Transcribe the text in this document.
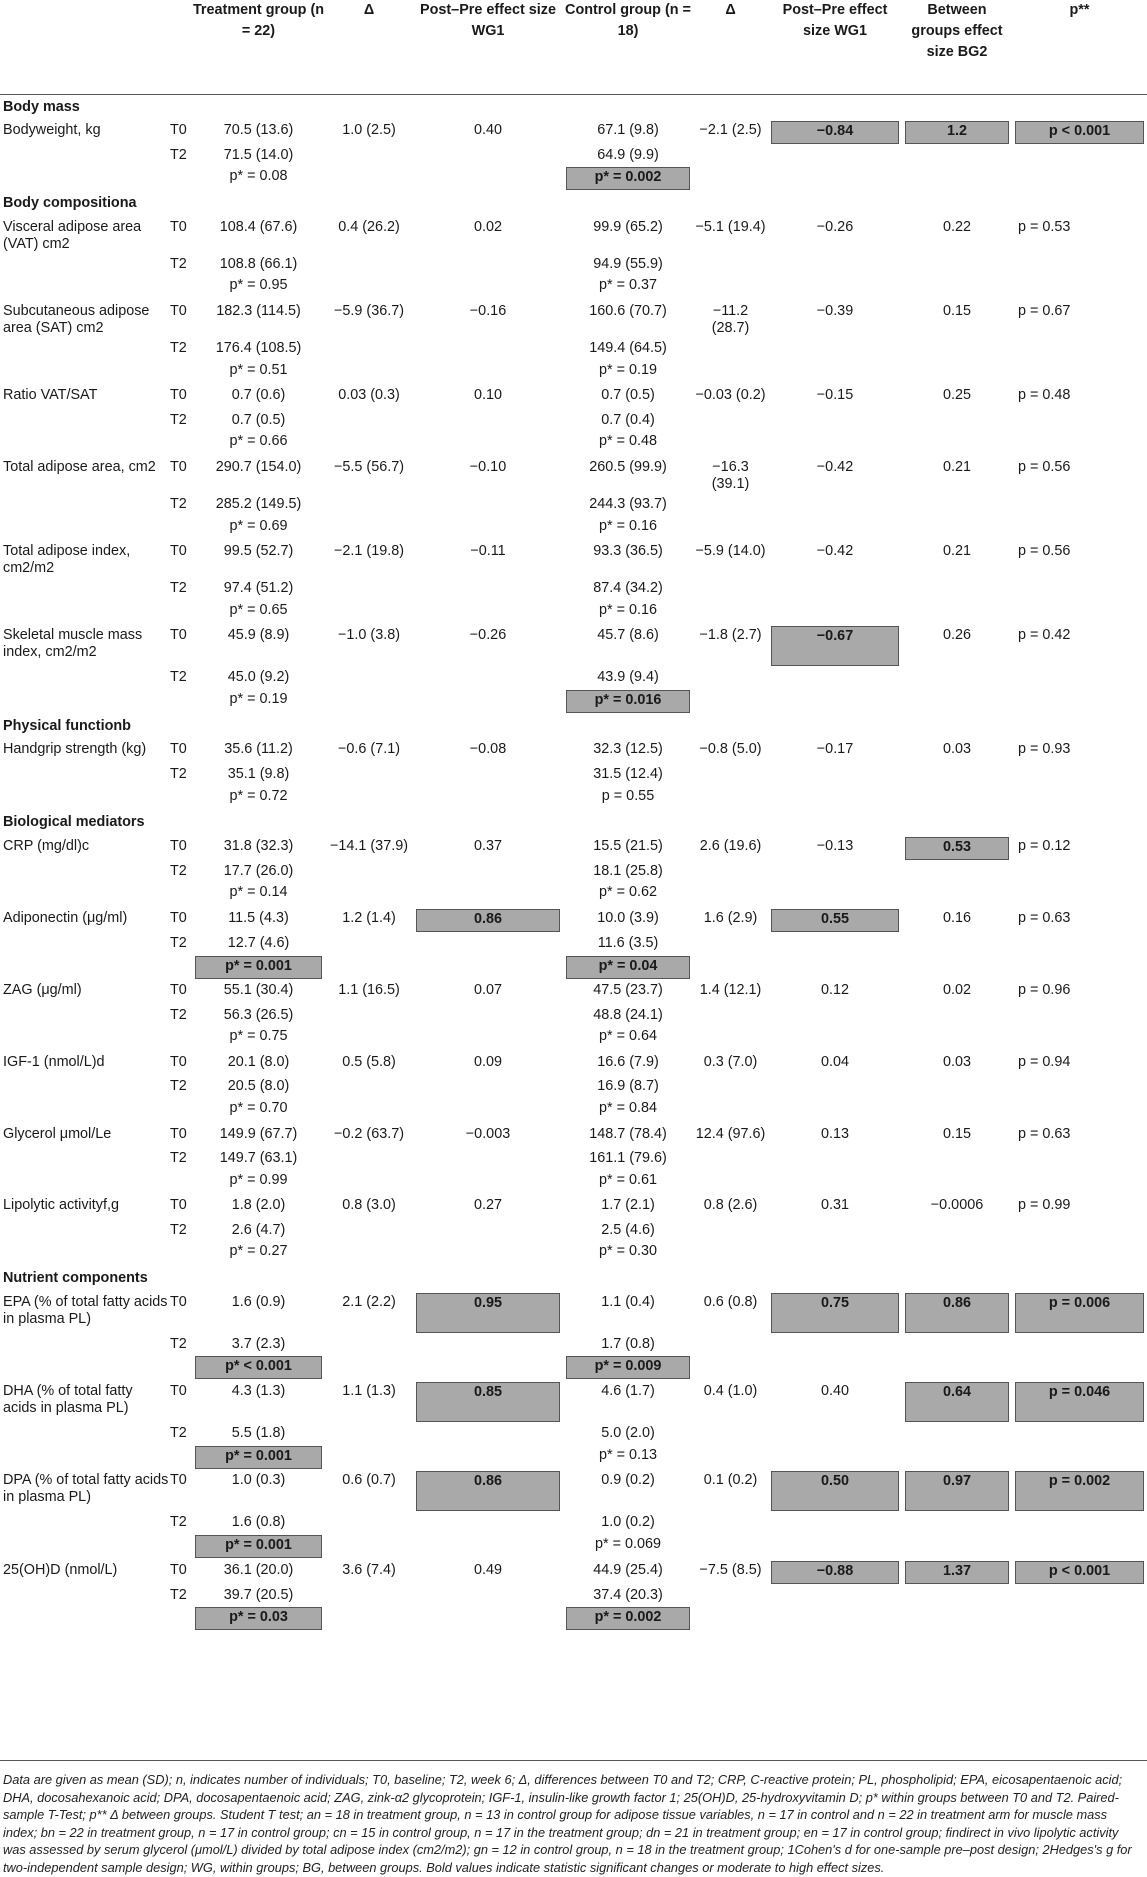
		Treatment group (n = 22)	Δ	Post–Pre effect size WG1	Control group (n = 18)	Δ	Post–Pre effect size WG1	Between groups effect size BG2	p**
Body mass									
Bodyweight, kg	T0	70.5 (13.6)	1.0 (2.5)	0.40	67.1 (9.8)	−2.1 (2.5)	−0.84	1.2	p < 0.001

	T2	71.5 (14.0)			64.9 (9.9)				
		p* = 0.08			p* = 0.002				

Body compositiona									
Visceral adipose area (VAT) cm2	T0	108.4 (67.6)	0.4 (26.2)	0.02	99.9 (65.2)	−5.1 (19.4)	−0.26	0.22	p = 0.53
	T2	108.8 (66.1)			94.9 (55.9)				
		p* = 0.95			p* = 0.37				
Subcutaneous adipose area (SAT) cm2	T0	182.3 (114.5)	−5.9 (36.7)	−0.16	160.6 (70.7)	−11.2 (28.7)	−0.39	0.15	p = 0.67
	T2	176.4 (108.5)			149.4 (64.5)				
		p* = 0.51			p* = 0.19				
Ratio VAT/SAT	T0	0.7 (0.6)	0.03 (0.3)	0.10	0.7 (0.5)	−0.03 (0.2)	−0.15	0.25	p = 0.48
	T2	0.7 (0.5)			0.7 (0.4)				
		p* = 0.66			p* = 0.48				
Total adipose area, cm2	T0	290.7 (154.0)	−5.5 (56.7)	−0.10	260.5 (99.9)	−16.3 (39.1)	−0.42	0.21	p = 0.56
	T2	285.2 (149.5)			244.3 (93.7)				
		p* = 0.69			p* = 0.16				
Total adipose index, cm2/m2	T0	99.5 (52.7)	−2.1 (19.8)	−0.11	93.3 (36.5)	−5.9 (14.0)	−0.42	0.21	p = 0.56
	T2	97.4 (51.2)			87.4 (34.2)				
		p* = 0.65			p* = 0.16				
Skeletal muscle mass index, cm2/m2	T0	45.9 (8.9)	−1.0 (3.8)	−0.26	45.7 (8.6)	−1.8 (2.7)	−0.67	0.26	p = 0.42
	T2	45.0 (9.2)			43.9 (9.4)				
		p* = 0.19			p* = 0.016				

Physical functionb									
Handgrip strength (kg)	T0	35.6 (11.2)	−0.6 (7.1)	−0.08	32.3 (12.5)	−0.8 (5.0)	−0.17	0.03	p = 0.93
	T2	35.1 (9.8)			31.5 (12.4)				
		p* = 0.72			p = 0.55				
Biological mediators									
CRP (mg/dl)c	T0	31.8 (32.3)	−14.1 (37.9)	0.37	15.5 (21.5)	2.6 (19.6)	−0.13	0.53	p = 0.12
	T2	17.7 (26.0)			18.1 (25.8)				
		p* = 0.14			p* = 0.62				
Adiponectin (μg/ml)	T0	11.5 (4.3)	1.2 (1.4)	0.86	10.0 (3.9)	1.6 (2.9)	0.55	0.16	p = 0.63
	T2	12.7 (4.6)			11.6 (3.5)				

		p* = 0.001			p* = 0.04				

ZAG (μg/ml)	T0	55.1 (30.4)	1.1 (16.5)	0.07	47.5 (23.7)	1.4 (12.1)	0.12	0.02	p = 0.96
	T2	56.3 (26.5)			48.8 (24.1)				
		p* = 0.75			p* = 0.64				
IGF-1 (nmol/L)d	T0	20.1 (8.0)	0.5 (5.8)	0.09	16.6 (7.9)	0.3 (7.0)	0.04	0.03	p = 0.94
	T2	20.5 (8.0)			16.9 (8.7)				
		p* = 0.70			p* = 0.84				
Glycerol μmol/Le	T0	149.9 (67.7)	−0.2 (63.7)	−0.003	148.7 (78.4)	12.4 (97.6)	0.13	0.15	p = 0.63
	T2	149.7 (63.1)			161.1 (79.6)				
		p* = 0.99			p* = 0.61				
Lipolytic activityf,g	T0	1.8 (2.0)	0.8 (3.0)	0.27	1.7 (2.1)	0.8 (2.6)	0.31	−0.0006	p = 0.99
	T2	2.6 (4.7)			2.5 (4.6)				
		p* = 0.27			p* = 0.30				
Nutrient components									
EPA (% of total fatty acids in plasma PL)	T0	1.6 (0.9)	2.1 (2.2)	0.95	1.1 (0.4)	0.6 (0.8)	0.75	0.86	p = 0.006

	T2	3.7 (2.3)			1.7 (0.8)				

		p* < 0.001			p* = 0.009				

DHA (% of total fatty acids in plasma PL)	T0	4.3 (1.3)	1.1 (1.3)	0.85	4.6 (1.7)	0.4 (1.0)	0.40	0.64	p = 0.046

	T2	5.5 (1.8)			5.0 (2.0)				

		p* = 0.001			p* = 0.13				
DPA (% of total fatty acids in plasma PL)	T0	1.0 (0.3)	0.6 (0.7)	0.86	0.9 (0.2)	0.1 (0.2)	0.50	0.97	p = 0.002

	T2	1.6 (0.8)			1.0 (0.2)				

		p* = 0.001			p* = 0.069				
25(OH)D (nmol/L)	T0	36.1 (20.0)	3.6 (7.4)	0.49	44.9 (25.4)	−7.5 (8.5)	−0.88	1.37	p < 0.001

	T2	39.7 (20.5)			37.4 (20.3)				

		p* = 0.03			p* = 0.002				

Data are given as mean (SD); n, indicates number of individuals; T0, baseline; T2, week 6; Δ, differences between T0 and T2; CRP, C-reactive protein; PL, phospholipid; EPA, eicosapentaenoic acid; DHA, docosahexanoic acid; DPA, docosapentaenoic acid; ZAG, zink-α2 glycoprotein; IGF-1, insulin-like growth factor 1; 25(OH)D, 25-hydroxyvitamin D; p* within groups between T0 and T2. Paired-sample T-Test; p** Δ between groups. Student T test; an = 18 in treatment group, n = 13 in control group for adipose tissue variables, n = 17 in control and n = 22 in treatment arm for muscle mass index; bn = 22 in treatment group, n = 17 in control group; cn = 15 in control group, n = 17 in the treatment group; dn = 21 in treatment group; en = 17 in control group; findirect in vivo lipolytic activity was assessed by serum glycerol (μmol/L) divided by total adipose index (cm2/m2); gn = 12 in control group, n = 18 in the treatment group; 1Cohen's d for one-sample pre–post design; 2Hedges's g for two-independent sample design; WG, within groups; BG, between groups. Bold values indicate statistic significant changes or moderate to high effect sizes.
